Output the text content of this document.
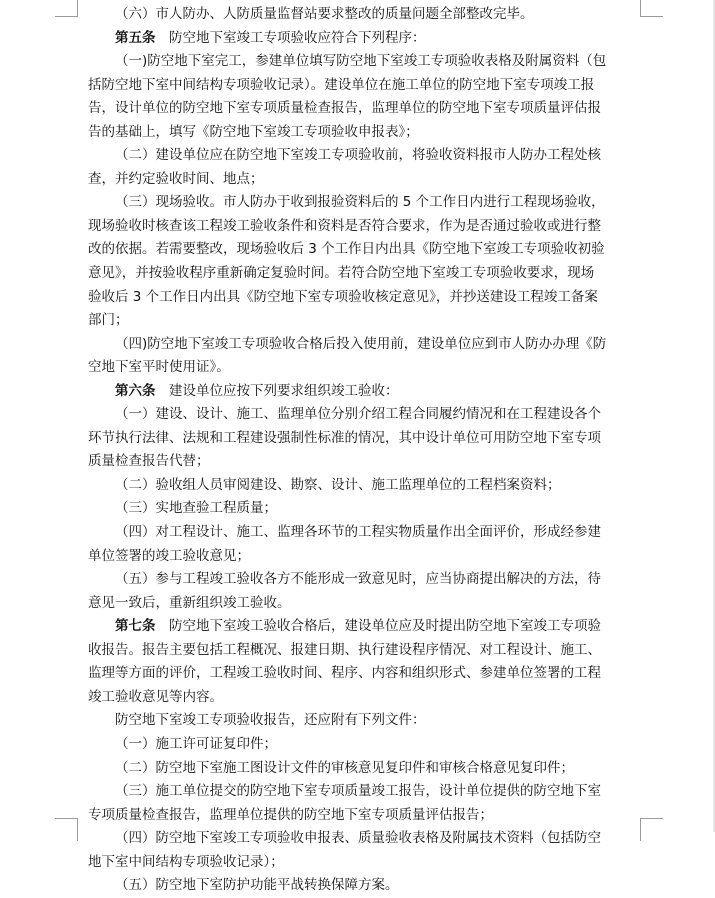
（六）市人防办、人防质量监督站要求整改的质量问题全部整改完毕。
第五条　 防空地下室竣工专项验收应符合下列程序：
（一)防空地下室完工，参建单位填写防空地下室竣工专项验收表格及附属资料（包
括防空地下室中间结构专项验收记录）。建设单位在施工单位的防空地下室专项竣工报
告，设计单位的防空地下室专项质量检查报告，监理单位的防空地下室专项质量评估报
告的基础上，填写《防空地下室竣工专项验收申报表》；
（二）建设单位应在防空地下室竣工专项验收前，将验收资料报市人防办工程处核
查，并约定验收时间、地点；
（三）现场验收。市人防办于收到报验资料后的 5 个工作日内进行工程现场验收，
现场验收时核查该工程竣工验收条件和资料是否符合要求，作为是否通过验收或进行整
改的依据。若需要整改，现场验收后 3 个工作日内出具《防空地下室竣工专项验收初验
意见》，并按验收程序重新确定复验时间。若符合防空地下室竣工专项验收要求，现场
验收后 3 个工作日内出具《防空地下室专项验收核定意见》，并抄送建设工程竣工备案
部门；
（四)防空地下室竣工专项验收合格后投入使用前，建设单位应到市人防办办理《防
空地下室平时使用证》。
第六条　 建设单位应按下列要求组织竣工验收：
（一）建设、设计、施工、监理单位分别介绍工程合同履约情况和在工程建设各个
环节执行法律、法规和工程建设强制性标准的情况，其中设计单位可用防空地下室专项
质量检查报告代替；
（二）验收组人员审阅建设、勘察、设计、施工监理单位的工程档案资料；
（三）实地查验工程质量；
（四）对工程设计、施工、监理各环节的工程实物质量作出全面评价，形成经参建
单位签署的竣工验收意见；
（五）参与工程竣工验收各方不能形成一致意见时，应当协商提出解决的方法，待
意见一致后，重新组织竣工验收。
第七条　 防空地下室竣工验收合格后，建设单位应及时提出防空地下室竣工专项验
收报告。报告主要包括工程概况、报建日期、执行建设程序情况、对工程设计、施工、
监理等方面的评价，工程竣工验收时间、程序、内容和组织形式、参建单位签署的工程
竣工验收意见等内容。
防空地下室竣工专项验收报告，还应附有下列文件：
（一）施工许可证复印件；
（二）防空地下室施工图设计文件的审核意见复印件和审核合格意见复印件；
（三）施工单位提交的防空地下室专项质量竣工报告，设计单位提供的防空地下室
专项质量检查报告，监理单位提供的防空地下室专项质量评估报告；
（四）防空地下室竣工专项验收申报表、质量验收表格及附属技术资料（包括防空
地下室中间结构专项验收记录）；
（五）防空地下室防护功能平战转换保障方案。
